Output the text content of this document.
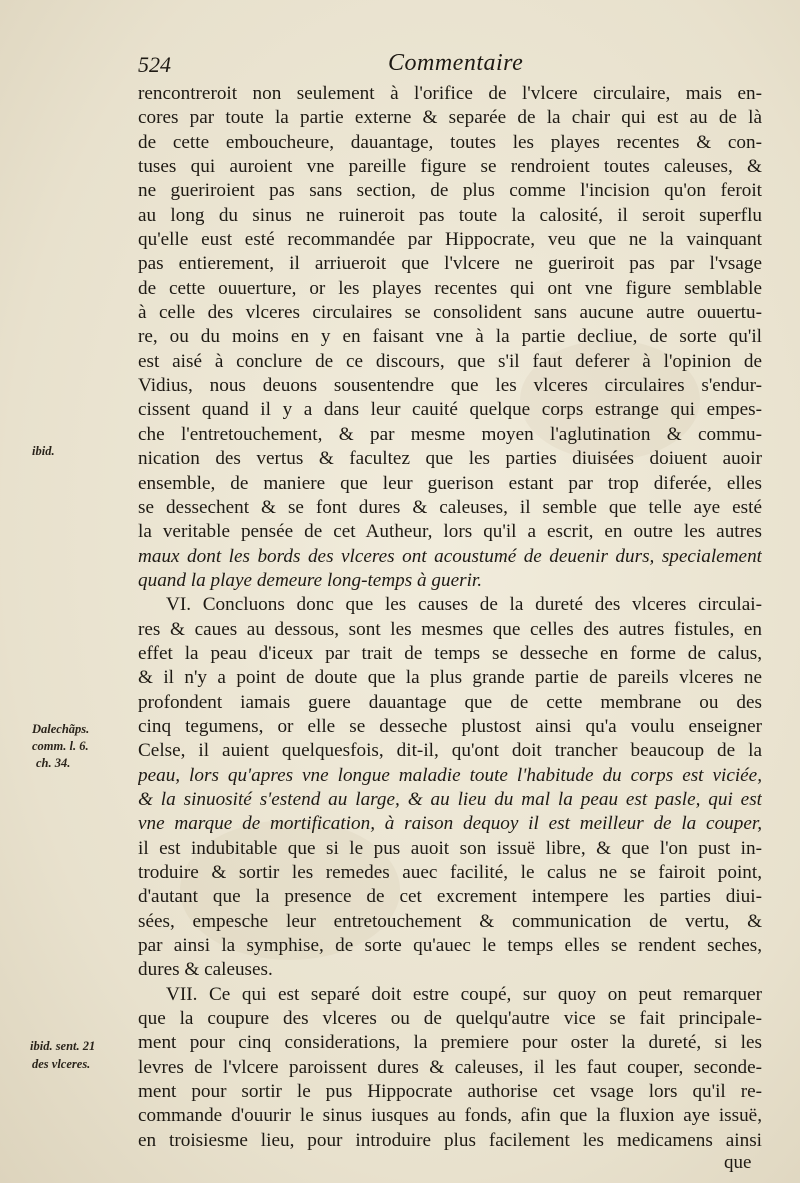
524	Commentaire
rencontreroit non seulement à l'orifice de l'vlcere circulaire, mais en-
cores par toute la partie externe & separée de la chair qui est au de là
de cette emboucheure, dauantage, toutes les playes recentes & con-
tuses qui auroient vne pareille figure se rendroient toutes caleuses, &
ne gueriroient pas sans section, de plus comme l'incision qu'on feroit
au long du sinus ne ruineroit pas toute la calosité, il seroit superflu
qu'elle eust esté recommandée par Hippocrate, veu que ne la vainquant
pas entierement, il arriueroit que l'vlcere ne gueriroit pas par l'vsage
de cette ouuerture, or les playes recentes qui ont vne figure semblable
à celle des vlceres circulaires se consolident sans aucune autre ouuertu-
re, ou du moins en y en faisant vne à la partie decliue, de sorte qu'il
est aisé à conclure de ce discours, que s'il faut deferer à l'opinion de
Vidius, nous deuons sousentendre que les vlceres circulaires s'endur-
cissent quand il y a dans leur cauité quelque corps estrange qui empes-
che l'entretouchement, & par mesme moyen l'aglutination & commu-
nication des vertus & facultez que les parties diuisées doiuent auoir
ensemble, de maniere que leur guerison estant par trop diferée, elles
se dessechent & se font dures & caleuses, il semble que telle aye esté
la veritable pensée de cet Autheur, lors qu'il a escrit, en outre les autres
maux dont les bords des vlceres ont acoustumé de deuenir durs, specialement
quand la playe demeure long-temps à guerir.
VI. Concluons donc que les causes de la dureté des vlceres circulai-
res & caues au dessous, sont les mesmes que celles des autres fistules, en
effet la peau d'iceux par trait de temps se desseche en forme de calus,
& il n'y a point de doute que la plus grande partie de pareils vlceres ne
profondent iamais guere dauantage que de cette membrane ou des
cinq tegumens, or elle se desseche plustost ainsi qu'a voulu enseigner
Celse, il auient quelquesfois, dit-il, qu'ont doit trancher beaucoup de la
peau, lors qu'apres vne longue maladie toute l'habitude du corps est viciée,
& la sinuosité s'estend au large, & au lieu du mal la peau est pasle, qui est
vne marque de mortification, à raison dequoy il est meilleur de la couper,
il est indubitable que si le pus auoit son issuë libre, & que l'on pust in-
troduire & sortir les remedes auec facilité, le calus ne se fairoit point,
d'autant que la presence de cet excrement intempere les parties diui-
sées, empesche leur entretouchement & communication de vertu, &
par ainsi la symphise, de sorte qu'auec le temps elles se rendent seches,
dures & caleuses.
VII. Ce qui est separé doit estre coupé, sur quoy on peut remarquer
que la coupure des vlceres ou de quelqu'autre vice se fait principale-
ment pour cinq considerations, la premiere pour oster la dureté, si les
levres de l'vlcere paroissent dures & caleuses, il les faut couper, seconde-
ment pour sortir le pus Hippocrate authorise cet vsage lors qu'il re-
commande d'ouurir le sinus iusques au fonds, afin que la fluxion aye issuë,
en troisiesme lieu, pour introduire plus facilement les medicamens ainsi
ibid.
Dalechãps.
comm. l. 6.
ch. 34.
ibid. sent. 21
des vlceres.
que
